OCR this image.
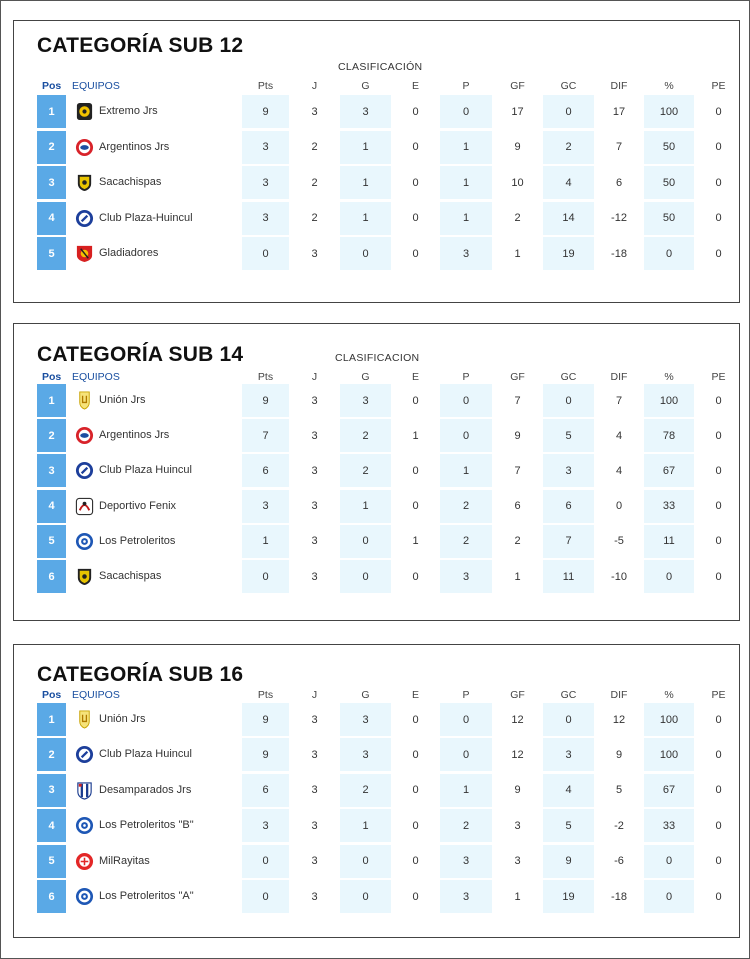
CATEGORÍA SUB 12
CLASIFICACIÓN
Pos EQUIPOS	Pts	J	G	E	P	GF	GC	DIF	%	PE
1	Extremo Jrs	9	3	3	0	0	17	0	17	100	0
2	Argentinos Jrs	3	2	1	0	1	9	2	7	50	0
3	Sacachispas	3	2	1	0	1	10	4	6	50	0
4	Club Plaza-Huincul	3	2	1	0	1	2	14	-12	50	0
5	Gladiadores	0	3	0	0	3	1	19	-18	0	0
CATEGORÍA SUB 14	CLASIFICACION
Pos EQUIPOS	Pts	J	G	E	P	GF	GC	DIF	%	PE
1	Unión Jrs	9	3	3	0	0	7	0	7	100	0
2	Argentinos Jrs	7	3	2	1	0	9	5	4	78	0
3	Club Plaza Huincul	6	3	2	0	1	7	3	4	67	0
4	Deportivo Fenix	3	3	1	0	2	6	6	0	33	0
5	Los Petroleritos	1	3	0	1	2	2	7	-5	11	0
6	Sacachispas	0	3	0	0	3	1	11	-10	0	0
CATEGORÍA SUB 16
Pos EQUIPOS	Pts	J	G	E	P	GF	GC	DIF	%	PE
1	Unión Jrs	9	3	3	0	0	12	0	12	100	0
2	Club Plaza Huincul	9	3	3	0	0	12	3	9	100	0
3	Desamparados Jrs	6	3	2	0	1	9	4	5	67	0
4	Los Petroleritos "B"	3	3	1	0	2	3	5	-2	33	0
5	MilRayitas	0	3	0	0	3	3	9	-6	0	0
6	Los Petroleritos "A"	0	3	0	0	3	1	19	-18	0	0
